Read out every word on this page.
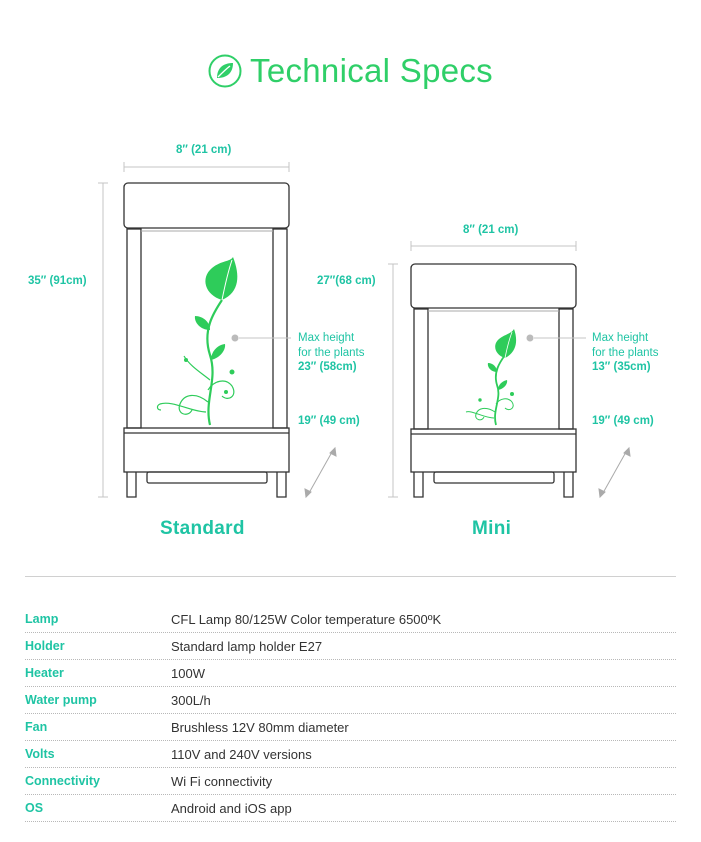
Technical Specs
8″ (21 cm)
35″ (91cm)
Max height
for the plants
23″ (58cm)
19″ (49 cm)
Standard
8″ (21 cm)
27″(68 cm)
Max height
for the plants
13″ (35cm)
19″ (49 cm)
Mini
Lamp	CFL Lamp 80/125W Color temperature 6500ºK
Holder	Standard lamp holder E27
Heater	100W
Water pump	300L/h
Fan	Brushless 12V 80mm diameter
Volts	110V and 240V versions
Connectivity	Wi Fi connectivity
OS	Android and iOS app
